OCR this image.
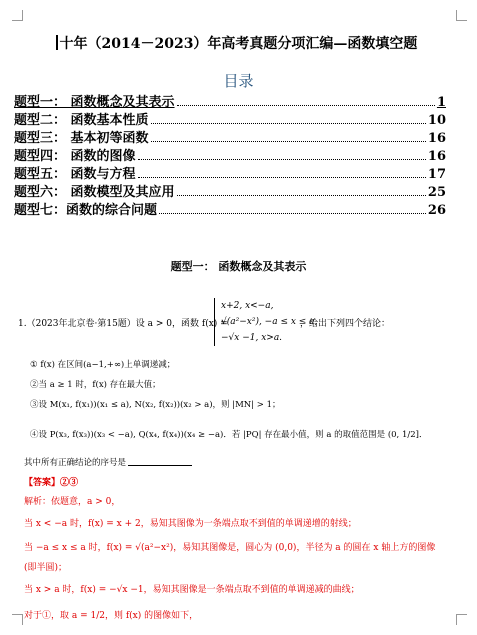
十年（2014－2023）年高考真题分项汇编—函数填空题
目录
题型一： 函数概念及其表示	1
题型二： 函数基本性质	10
题型三： 基本初等函数	16
题型四： 函数的图像	16
题型五： 函数与方程	17
题型六： 函数模型及其应用	25
题型七：函数的综合问题	26
题型一： 函数概念及其表示
1.（2023年北京卷·第15题）设 a > 0，函数 f(x) =
x+2, x<−a,
√(a²−x²), −a ≤ x ≤ a,
−√x −1, x>a.
，给出下列四个结论：
① f(x) 在区间(a−1,+∞)上单调递减；
②当 a ≥ 1 时，f(x) 存在最大值；
③设 M(x₁, f(x₁))(x₁ ≤ a), N(x₂, f(x₂))(x₂ > a)，则 |MN| > 1；
④设 P(x₃, f(x₃))(x₃ < −a), Q(x₄, f(x₄))(x₄ ≥ −a)．若 |PQ| 存在最小值，则 a 的取值范围是 (0, 1/2]．
其中所有正确结论的序号是
【答案】②③
解析：依题意，a > 0，
当 x < −a 时，f(x) = x + 2，易知其图像为一条端点取不到值的单调递增的射线；
当 −a ≤ x ≤ a 时，f(x) = √(a²−x²)，易知其图像是，圆心为 (0,0)，半径为 a 的圆在 x 轴上方的图像
(即半圆)；
当 x > a 时，f(x) = −√x −1，易知其图像是一条端点取不到值的单调递减的曲线；
对于①，取 a = 1/2，则 f(x) 的图像如下，
